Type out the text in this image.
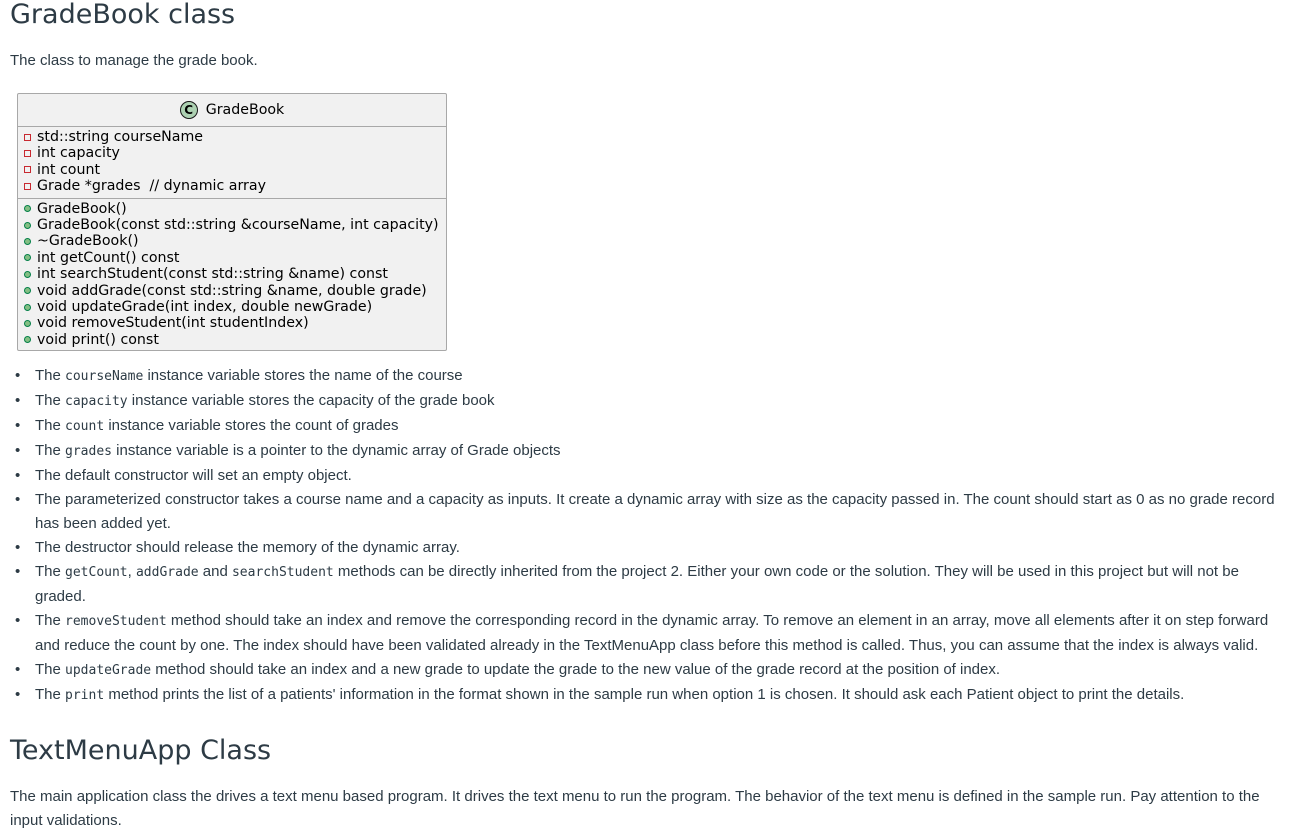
GradeBook class

The class to manage the grade book.

C GradeBook
std::string courseName
int capacity
int count
Grade *grades  // dynamic array
GradeBook()
GradeBook(const std::string &courseName, int capacity)
~GradeBook()
int getCount() const
int searchStudent(const std::string &name) const
void addGrade(const std::string &name, double grade)
void updateGrade(int index, double newGrade)
void removeStudent(int studentIndex)
void print() const
• The courseName instance variable stores the name of the course
• The capacity instance variable stores the capacity of the grade book
• The count instance variable stores the count of grades
• The grades instance variable is a pointer to the dynamic array of Grade objects
• The default constructor will set an empty object.
• The parameterized constructor takes a course name and a capacity as inputs. It create a dynamic array with size as the capacity passed in. The count should start as 0 as no grade record has been added yet.
• The destructor should release the memory of the dynamic array.
• The getCount, addGrade and searchStudent methods can be directly inherited from the project 2. Either your own code or the solution. They will be used in this project but will not be graded.
• The removeStudent method should take an index and remove the corresponding record in the dynamic array. To remove an element in an array, move all elements after it on step forward and reduce the count by one. The index should have been validated already in the TextMenuApp class before this method is called. Thus, you can assume that the index is always valid.
• The updateGrade method should take an index and a new grade to update the grade to the new value of the grade record at the position of index.
• The print method prints the list of a patients' information in the format shown in the sample run when option 1 is chosen. It should ask each Patient object to print the details.
TextMenuApp Class

The main application class the drives a text menu based program. It drives the text menu to run the program. The behavior of the text menu is defined in the sample run. Pay attention to the input validations.
